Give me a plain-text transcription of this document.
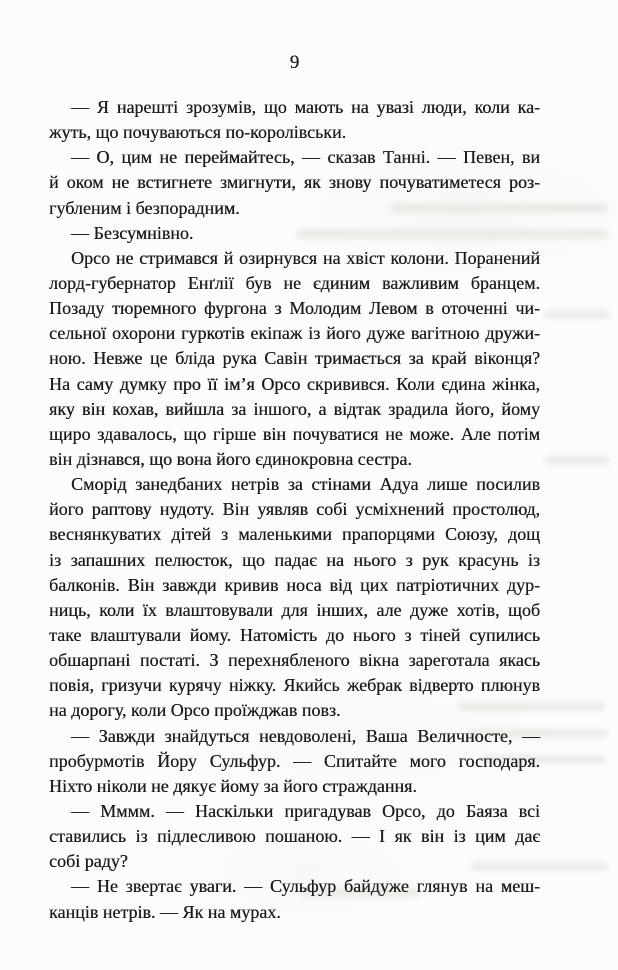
9
— Я нарешті зрозумів, що мають на увазі люди, коли ка-
жуть, що почуваються по-королівськи.
— О, цим не переймайтесь, — сказав Танні. — Певен, ви
й оком не встигнете змигнути, як знову почуватиметеся роз-
губленим і безпорадним.
— Безсумнівно.
Орсо не стримався й озирнувся на хвіст колони. Поранений
лорд-губернатор Енґлії був не єдиним важливим бранцем.
Позаду тюремного фургона з Молодим Левом в оточенні чи-
сельної охорони гуркотів екіпаж із його дуже вагітною дружи-
ною. Невже це бліда рука Савін тримається за край віконця?
На саму думку про її ім’я Орсо скривився. Коли єдина жінка,
яку він кохав, вийшла за іншого, а відтак зрадила його, йому
щиро здавалось, що гірше він почуватися не може. Але потім
він дізнався, що вона його єдинокровна сестра.
Сморід занедбаних нетрів за стінами Адуа лише посилив
його раптову нудоту. Він уявляв собі усміхнений простолюд,
веснянкуватих дітей з маленькими прапорцями Союзу, дощ
із запашних пелюсток, що падає на нього з рук красунь із
балконів. Він завжди кривив носа від цих патріотичних дур-
ниць, коли їх влаштовували для інших, але дуже хотів, щоб
таке влаштували йому. Натомість до нього з тіней супились
обшарпані постаті. З перехнябленого вікна зареготала якась
повія, гризучи курячу ніжку. Якийсь жебрак відверто плюнув
на дорогу, коли Орсо проїжджав повз.
— Завжди знайдуться невдоволені, Ваша Величносте, —
пробурмотів Йору Сульфур. — Спитайте мого господаря.
Ніхто ніколи не дякує йому за його страждання.
— Мммм. — Наскільки пригадував Орсо, до Баяза всі
ставились із підлесливою пошаною. — І як він із цим дає
собі раду?
— Не звертає уваги. — Сульфур байдуже глянув на меш-
канців нетрів. — Як на мурах.
